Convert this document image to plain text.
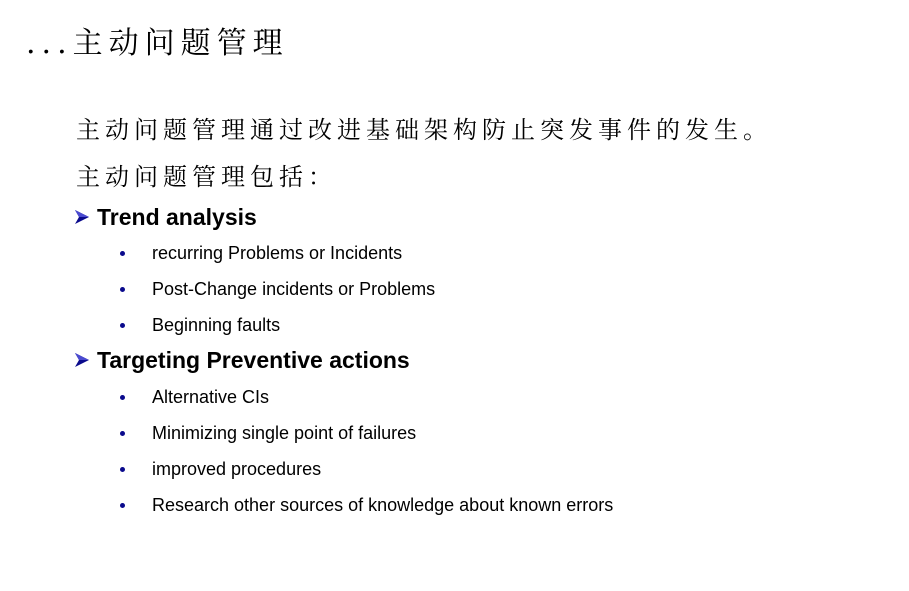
...主动问题管理
主动问题管理通过改进基础架构防止突发事件的发生。
主动问题管理包括：
Trend analysis
recurring Problems or Incidents
Post-Change incidents or Problems
Beginning faults
Targeting Preventive actions
Alternative CIs
Minimizing single point of failures
improved procedures
Research other sources of knowledge about known errors
